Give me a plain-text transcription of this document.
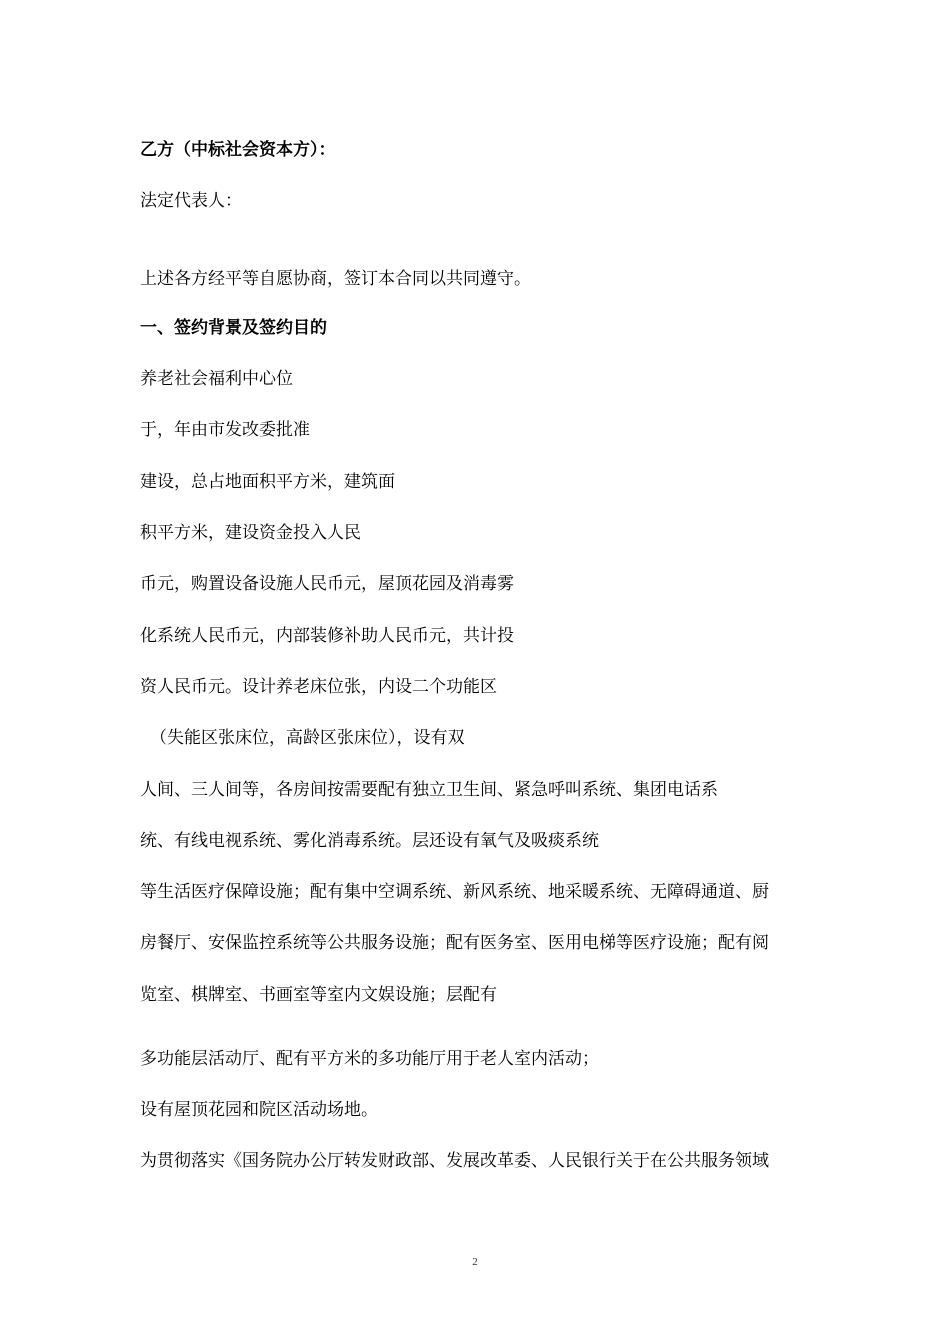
乙方（中标社会资本方）：
法定代表人：
上述各方经平等自愿协商，签订本合同以共同遵守。
一、签约背景及签约目的
养老社会福利中心位
于，年由市发改委批准
建设，总占地面积平方米，建筑面
积平方米，建设资金投入人民
币元，购置设备设施人民币元，屋顶花园及消毒雾
化系统人民币元，内部装修补助人民币元，共计投
资人民币元。设计养老床位张，内设二个功能区
（失能区张床位，高龄区张床位），设有双
人间、三人间等，各房间按需要配有独立卫生间、紧急呼叫系统、集团电话系
统、有线电视系统、雾化消毒系统。层还设有氧气及吸痰系统
等生活医疗保障设施；配有集中空调系统、新风系统、地采暖系统、无障碍通道、厨
房餐厅、安保监控系统等公共服务设施；配有医务室、医用电梯等医疗设施；配有阅
览室、棋牌室、书画室等室内文娱设施；层配有
多功能层活动厅、配有平方米的多功能厅用于老人室内活动；
设有屋顶花园和院区活动场地。
为贯彻落实《国务院办公厅转发财政部、发展改革委、人民银行关于在公共服务领域
2
